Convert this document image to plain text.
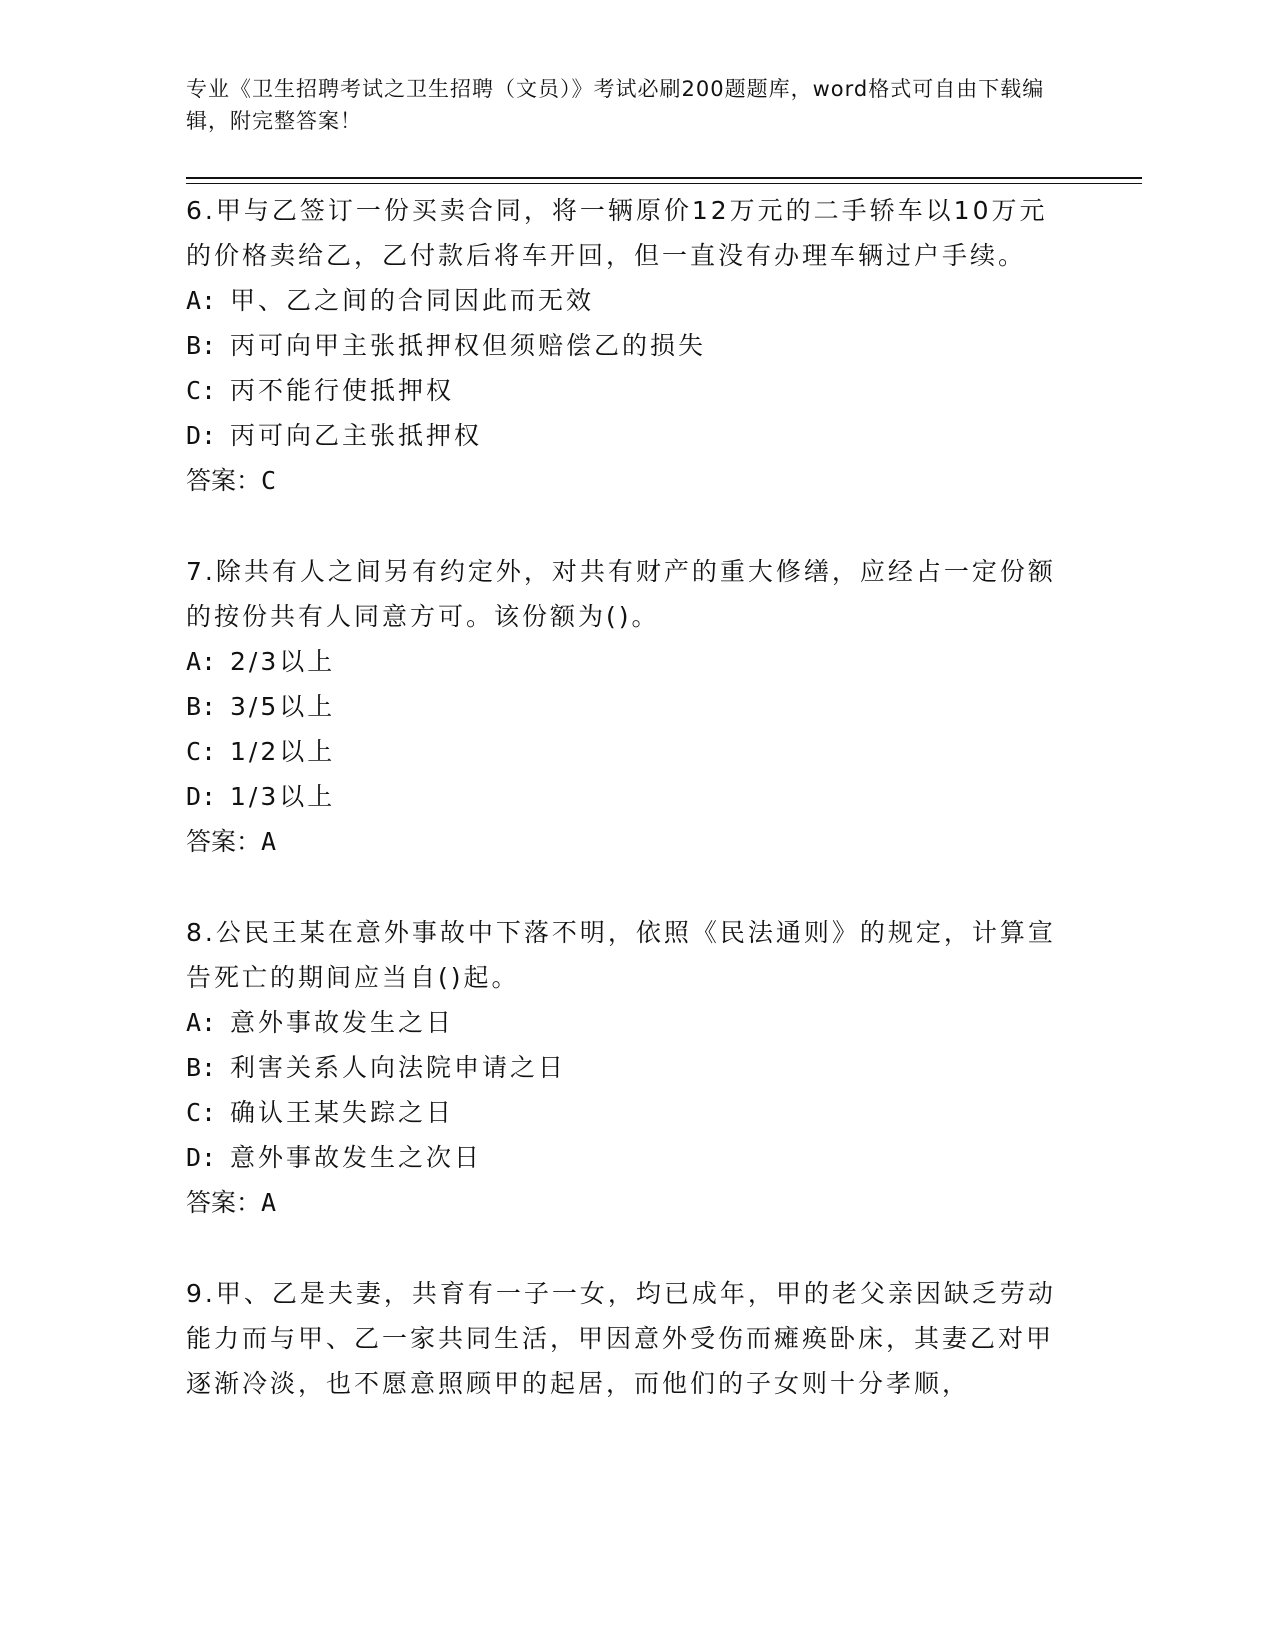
专业《卫生招聘考试之卫生招聘（文员）》考试必刷200题题库，word格式可自由下载编辑，附完整答案！

6.甲与乙签订一份买卖合同，将一辆原价12万元的二手轿车以10万元的价格卖给乙，乙付款后将车开回，但一直没有办理车辆过户手续。

A: 甲、乙之间的合同因此而无效

B: 丙可向甲主张抵押权但须赔偿乙的损失

C: 丙不能行使抵押权

D: 丙可向乙主张抵押权

答案：C

7.除共有人之间另有约定外，对共有财产的重大修缮，应经占一定份额的按份共有人同意方可。该份额为()。

A: 2/3以上

B: 3/5以上

C: 1/2以上

D: 1/3以上

答案：A

8.公民王某在意外事故中下落不明，依照《民法通则》的规定，计算宣告死亡的期间应当自()起。

A: 意外事故发生之日

B: 利害关系人向法院申请之日

C: 确认王某失踪之日

D: 意外事故发生之次日

答案：A

9.甲、乙是夫妻，共育有一子一女，均已成年，甲的老父亲因缺乏劳动能力而与甲、乙一家共同生活，甲因意外受伤而瘫痪卧床，其妻乙对甲逐渐冷淡，也不愿意照顾甲的起居，而他们的子女则十分孝顺，
